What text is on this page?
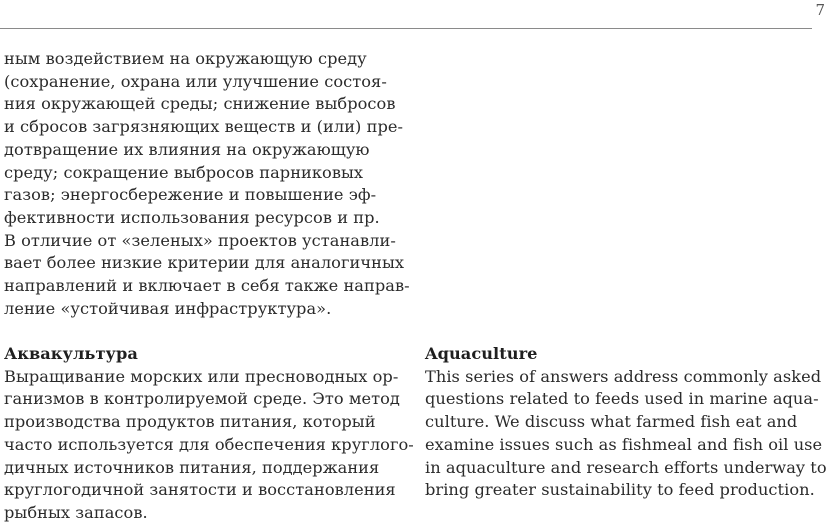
7
ным воздействием на окружающую среду
(сохранение, охрана или улучшение состоя-
ния окружающей среды; снижение выбросов
и сбросов загрязняющих веществ и (или) пре-
дотвращение их влияния на окружающую
среду; сокращение выбросов парниковых
газов; энергосбережение и повышение эф-
фективности использования ресурсов и пр.
В отличие от «зеленых» проектов устанавли-
вает более низкие критерии для аналогичных
направлений и включает в себя также направ-
ление «устойчивая инфраструктура».
Аквакультура
Выращивание морских или пресноводных ор-
ганизмов в контролируемой среде. Это метод
производства продуктов питания, который
часто используется для обеспечения круглого-
дичных источников питания, поддержания
круглогодичной занятости и восстановления
рыбных запасов.
Aquaculture
This series of answers address commonly asked
questions related to feeds used in marine aqua-
culture. We discuss what farmed fish eat and
examine issues such as fishmeal and fish oil use
in aquaculture and research efforts underway to
bring greater sustainability to feed production.
